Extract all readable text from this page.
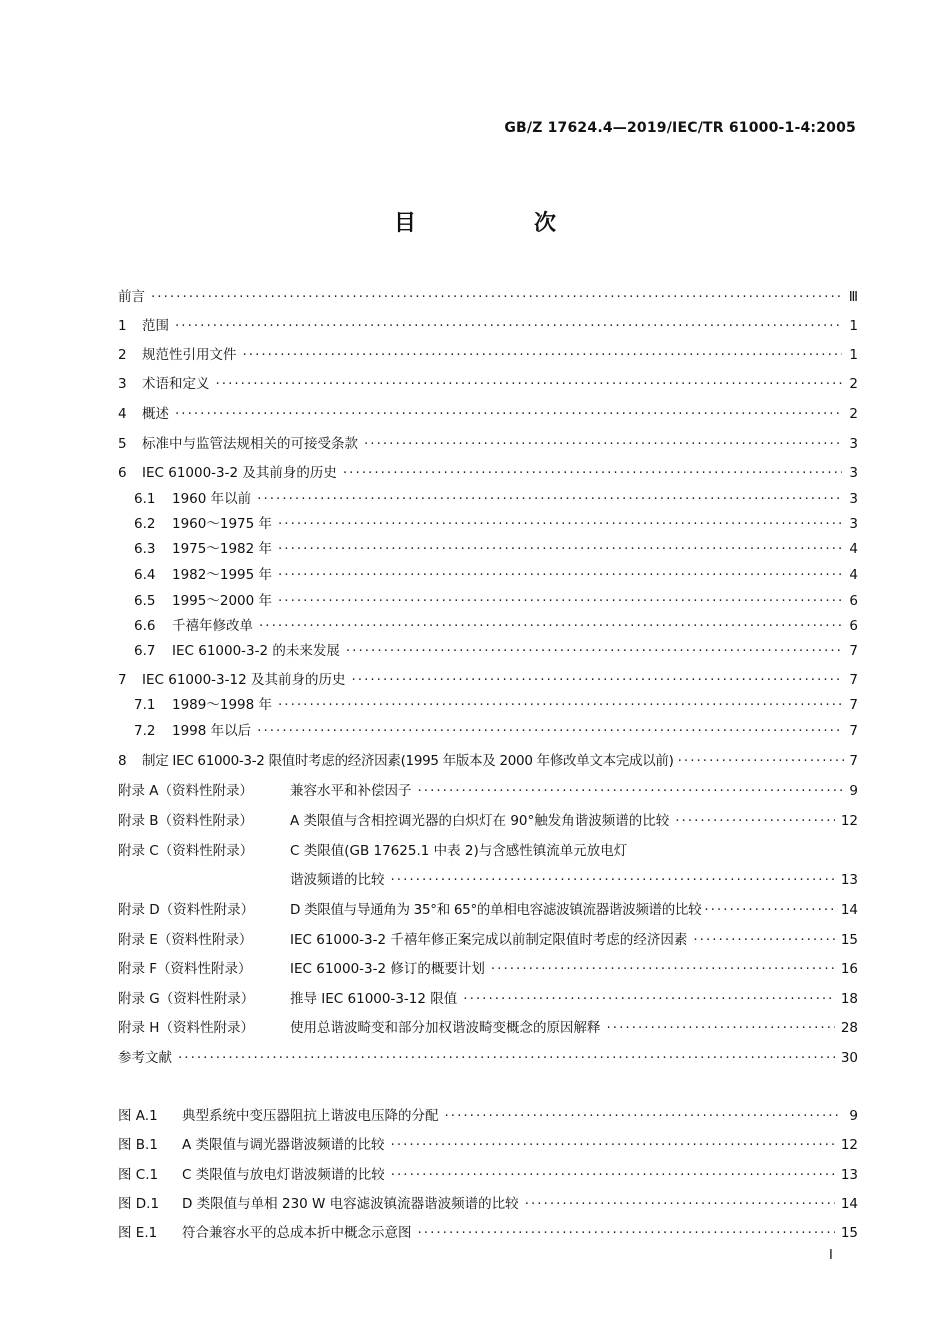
GB/Z 17624.4—2019/IEC/TR 61000-1-4:2005
目　次
前言 ·····	Ⅲ
1	范围 ·····	1
2	规范性引用文件 ·····	1
3	术语和定义 ·····	2
4	概述 ·····	2
5	标准中与监管法规相关的可接受条款 ·····	3
6	IEC 61000-3-2 及其前身的历史 ·····	3
6.1	1960 年以前 ·····	3
6.2	1960～1975 年 ·····	3
6.3	1975～1982 年 ·····	4
6.4	1982～1995 年 ·····	4
6.5	1995～2000 年 ·····	6
6.6	千禧年修改单 ·····	6
6.7	IEC 61000-3-2 的未来发展 ·····	7
7	IEC 61000-3-12 及其前身的历史 ·····	7
7.1	1989～1998 年 ·····	7
7.2	1998 年以后 ·····	7
8	制定 IEC 61000-3-2 限值时考虑的经济因素(1995 年版本及 2000 年修改单文本完成以前) ·····	7
附录 A（资料性附录）	兼容水平和补偿因子 ·····	9
附录 B（资料性附录）	A 类限值与含相控调光器的白炽灯在 90°触发角谐波频谱的比较 ·····	12
附录 C（资料性附录）	C 类限值(GB 17625.1 中表 2)与含感性镇流单元放电灯
谐波频谱的比较 ·····	13
附录 D（资料性附录）	D 类限值与导通角为 35°和 65°的单相电容滤波镇流器谐波频谱的比较 ·····	14
附录 E（资料性附录）	IEC 61000-3-2 千禧年修正案完成以前制定限值时考虑的经济因素 ·····	15
附录 F（资料性附录）	IEC 61000-3-2 修订的概要计划 ·····	16
附录 G（资料性附录）	推导 IEC 61000-3-12 限值 ·····	18
附录 H（资料性附录）	使用总谐波畸变和部分加权谐波畸变概念的原因解释 ·····	28
参考文献 ·····	30
图 A.1	典型系统中变压器阻抗上谐波电压降的分配 ·····	9
图 B.1	A 类限值与调光器谐波频谱的比较 ·····	12
图 C.1	C 类限值与放电灯谐波频谱的比较 ·····	13
图 D.1	D 类限值与单相 230 W 电容滤波镇流器谐波频谱的比较 ·····	14
图 E.1	符合兼容水平的总成本折中概念示意图 ·····	15
I
